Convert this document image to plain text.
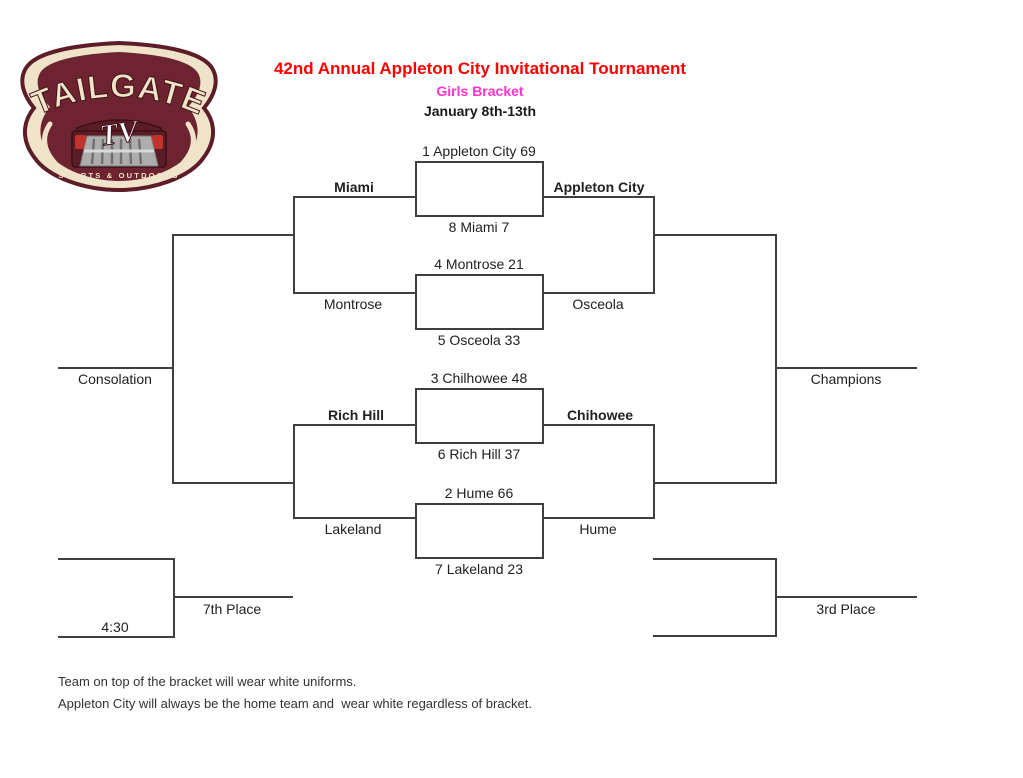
TAILGATE
TV
SPORTS & OUTDOORS
42nd Annual Appleton City Invitational Tournament
Girls Bracket
January 8th-13th
1 Appleton City 69
8 Miami 7
4 Montrose 21
5 Osceola 33
3 Chilhowee 48
6 Rich Hill 37
2 Hume 66
7 Lakeland 23
Miami	Appleton City
Montrose	Osceola
Rich Hill	Chihowee
Lakeland	Hume
Consolation	Champions
7th Place
4:30
3rd Place
Team on top of the bracket will wear white uniforms.
Appleton City will always be the home team and  wear white regardless of bracket.
